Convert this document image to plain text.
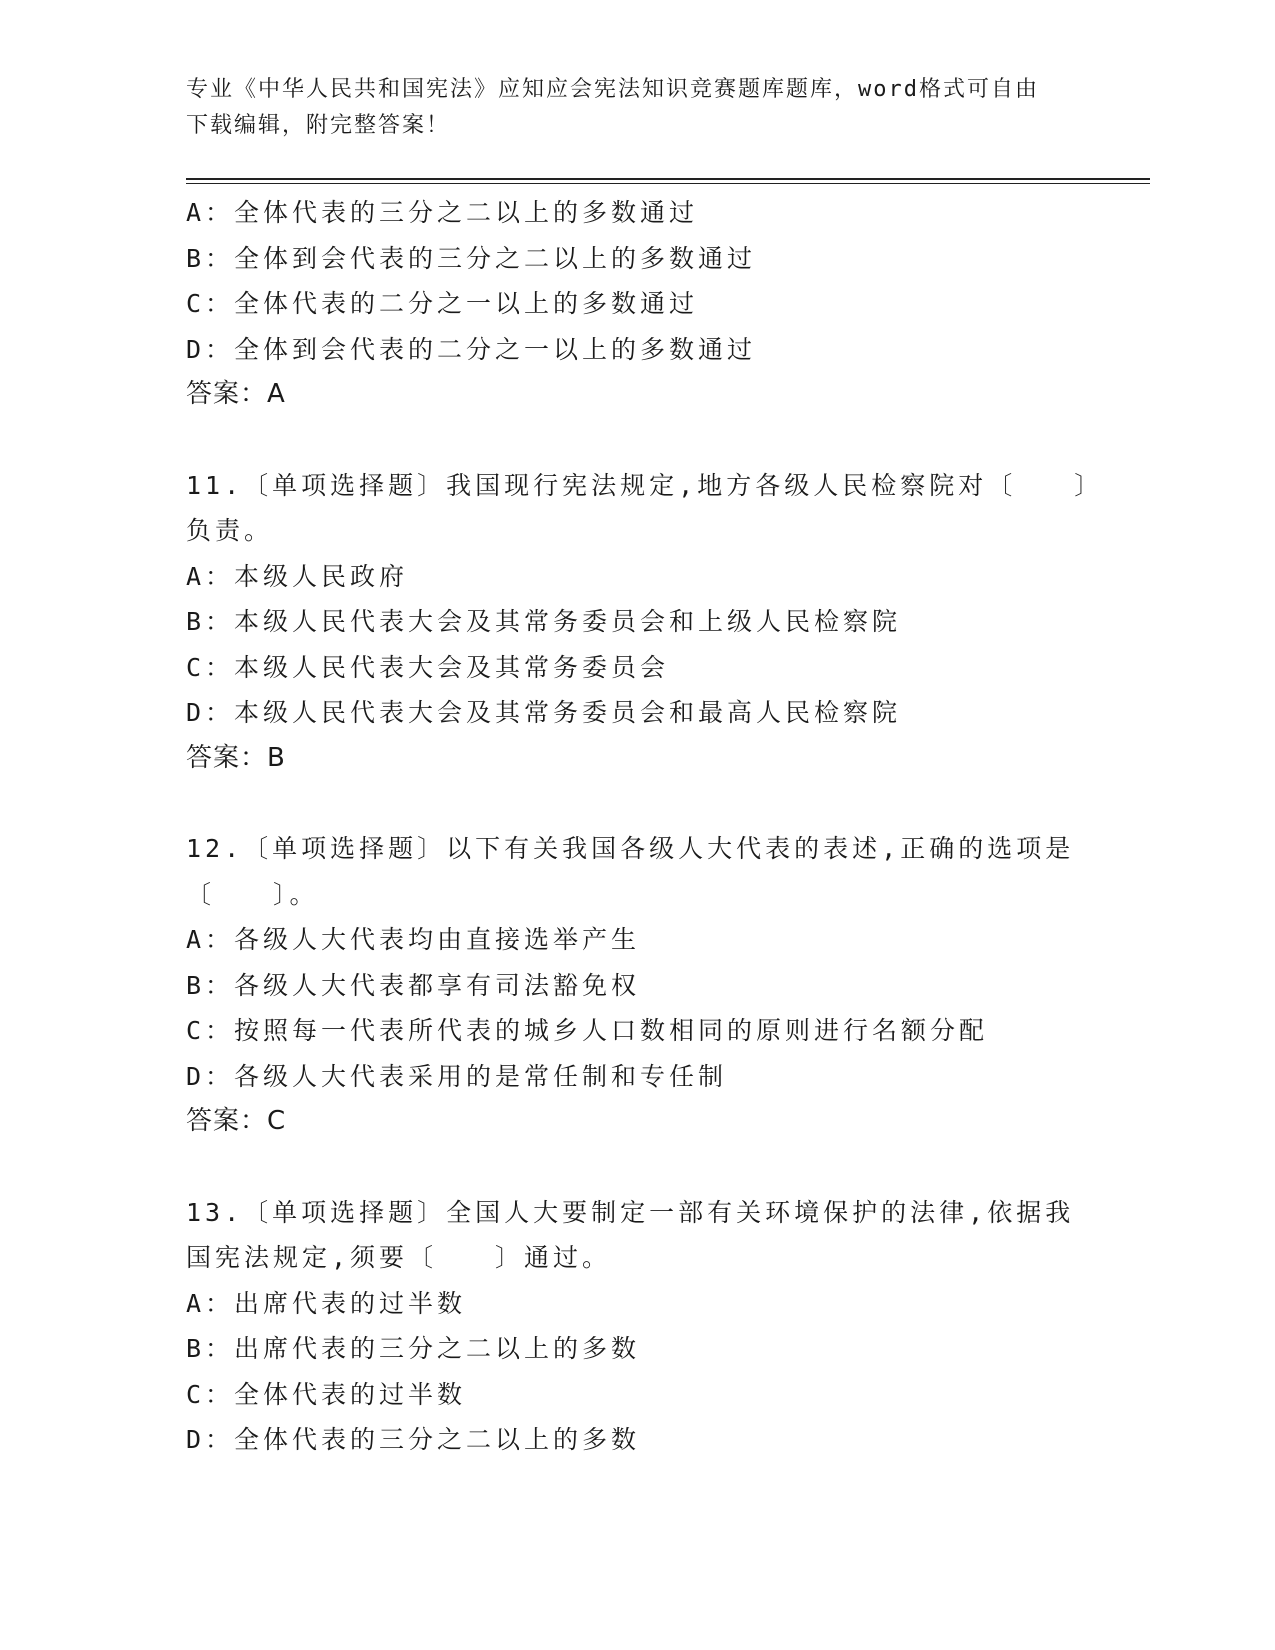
专业《中华人民共和国宪法》应知应会宪法知识竞赛题库题库，word格式可自由
下载编辑，附完整答案！
A：全体代表的三分之二以上的多数通过
B：全体到会代表的三分之二以上的多数通过
C：全体代表的二分之一以上的多数通过
D：全体到会代表的二分之一以上的多数通过
答案：A
11.〔单项选择题〕我国现行宪法规定,地方各级人民检察院对〔　　〕
负责。
A：本级人民政府
B：本级人民代表大会及其常务委员会和上级人民检察院
C：本级人民代表大会及其常务委员会
D：本级人民代表大会及其常务委员会和最高人民检察院
答案：B
12.〔单项选择题〕以下有关我国各级人大代表的表述,正确的选项是
〔　　〕。
A：各级人大代表均由直接选举产生
B：各级人大代表都享有司法豁免权
C：按照每一代表所代表的城乡人口数相同的原则进行名额分配
D：各级人大代表采用的是常任制和专任制
答案：C
13.〔单项选择题〕全国人大要制定一部有关环境保护的法律,依据我
国宪法规定,须要〔　　〕通过。
A：出席代表的过半数
B：出席代表的三分之二以上的多数
C：全体代表的过半数
D：全体代表的三分之二以上的多数
